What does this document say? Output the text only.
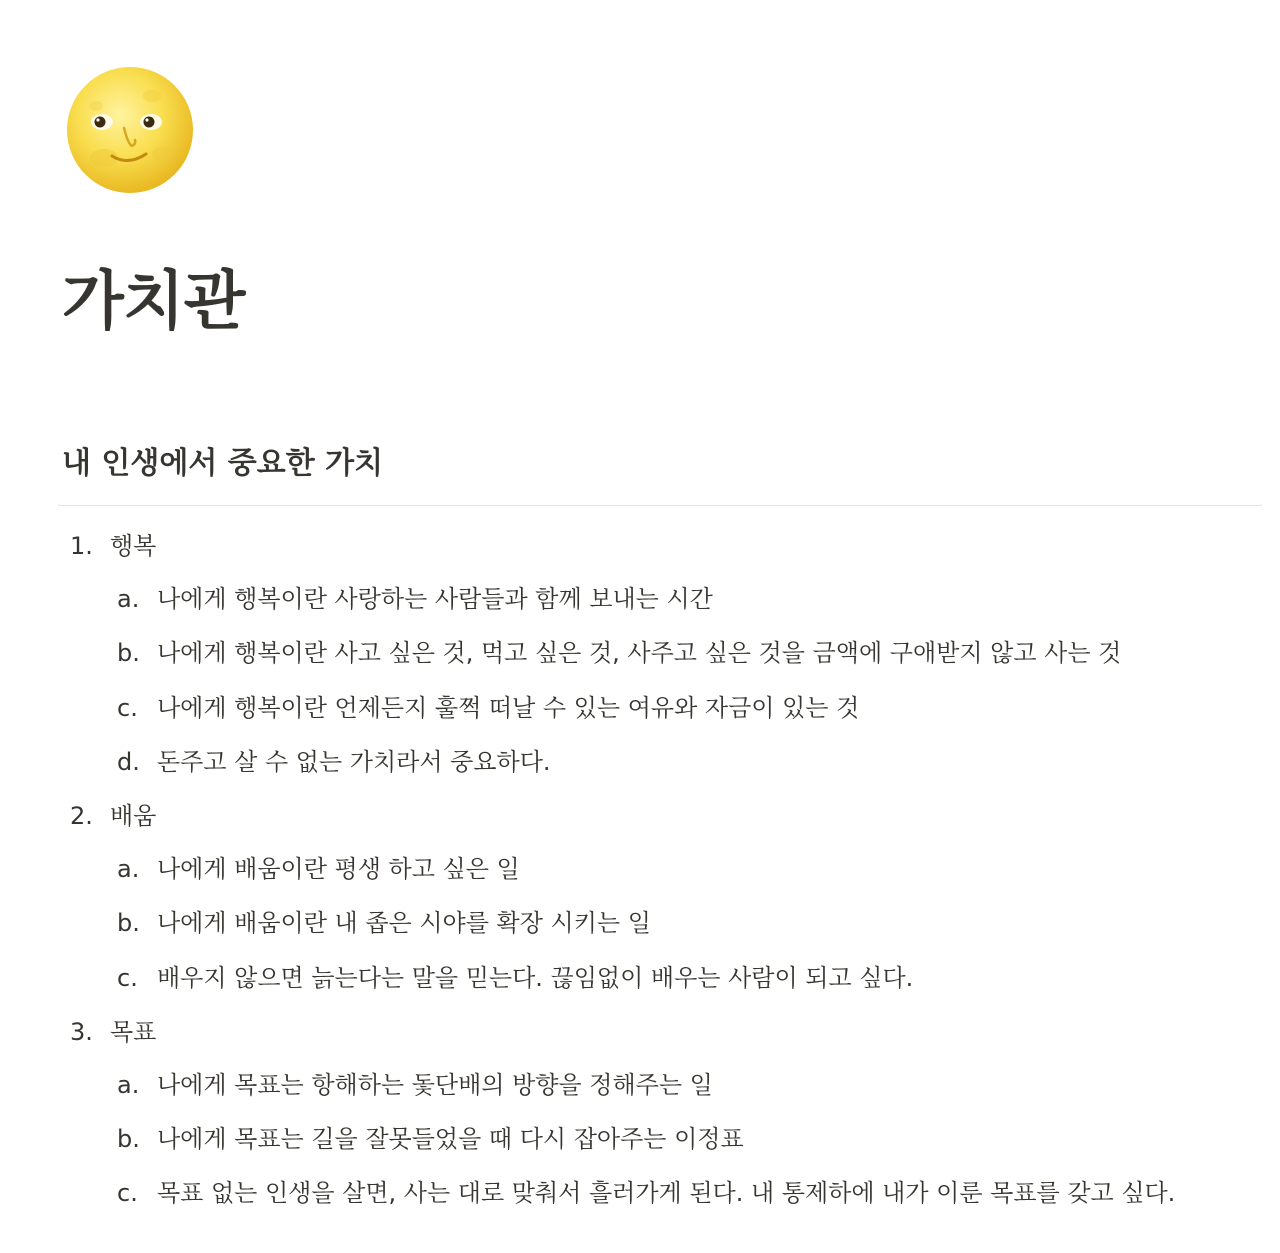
가치관
내 인생에서 중요한 가치
1. 행복
a. 나에게 행복이란 사랑하는 사람들과 함께 보내는 시간
b. 나에게 행복이란 사고 싶은 것, 먹고 싶은 것, 사주고 싶은 것을 금액에 구애받지 않고 사는 것
c. 나에게 행복이란 언제든지 훌쩍 떠날 수 있는 여유와 자금이 있는 것
d. 돈주고 살 수 없는 가치라서 중요하다.
2. 배움
a. 나에게 배움이란 평생 하고 싶은 일
b. 나에게 배움이란 내 좁은 시야를 확장 시키는 일
c. 배우지 않으면 늙는다는 말을 믿는다. 끊임없이 배우는 사람이 되고 싶다.
3. 목표
a. 나에게 목표는 항해하는 돛단배의 방향을 정해주는 일
b. 나에게 목표는 길을 잘못들었을 때 다시 잡아주는 이정표
c. 목표 없는 인생을 살면, 사는 대로 맞춰서 흘러가게 된다. 내 통제하에 내가 이룬 목표를 갖고 싶다.
